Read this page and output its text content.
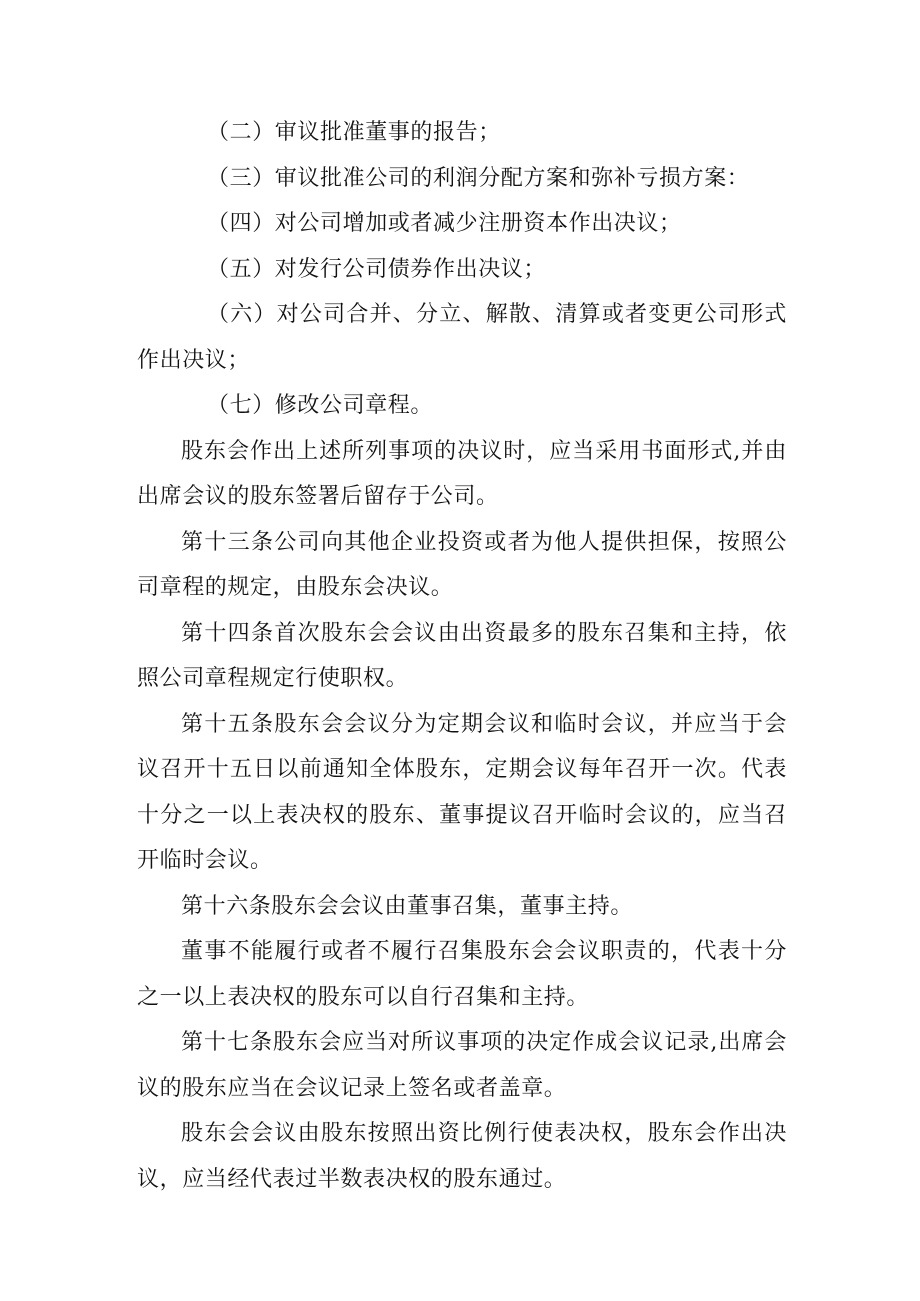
（二）审议批准董事的报告；

（三）审议批准公司的利润分配方案和弥补亏损方案：

（四）对公司增加或者减少注册资本作出决议；

（五）对发行公司债券作出决议；

（六）对公司合并、分立、解散、清算或者变更公司形式作出决议；

（七）修改公司章程。

股东会作出上述所列事项的决议时，应当采用书面形式,并由出席会议的股东签署后留存于公司。

第十三条公司向其他企业投资或者为他人提供担保，按照公司章程的规定，由股东会决议。

第十四条首次股东会会议由出资最多的股东召集和主持，依照公司章程规定行使职权。

第十五条股东会会议分为定期会议和临时会议，并应当于会议召开十五日以前通知全体股东，定期会议每年召开一次。代表十分之一以上表决权的股东、董事提议召开临时会议的，应当召开临时会议。

第十六条股东会会议由董事召集，董事主持。

董事不能履行或者不履行召集股东会会议职责的，代表十分之一以上表决权的股东可以自行召集和主持。

第十七条股东会应当对所议事项的决定作成会议记录,出席会议的股东应当在会议记录上签名或者盖章。

股东会会议由股东按照出资比例行使表决权，股东会作出决议，应当经代表过半数表决权的股东通过。
